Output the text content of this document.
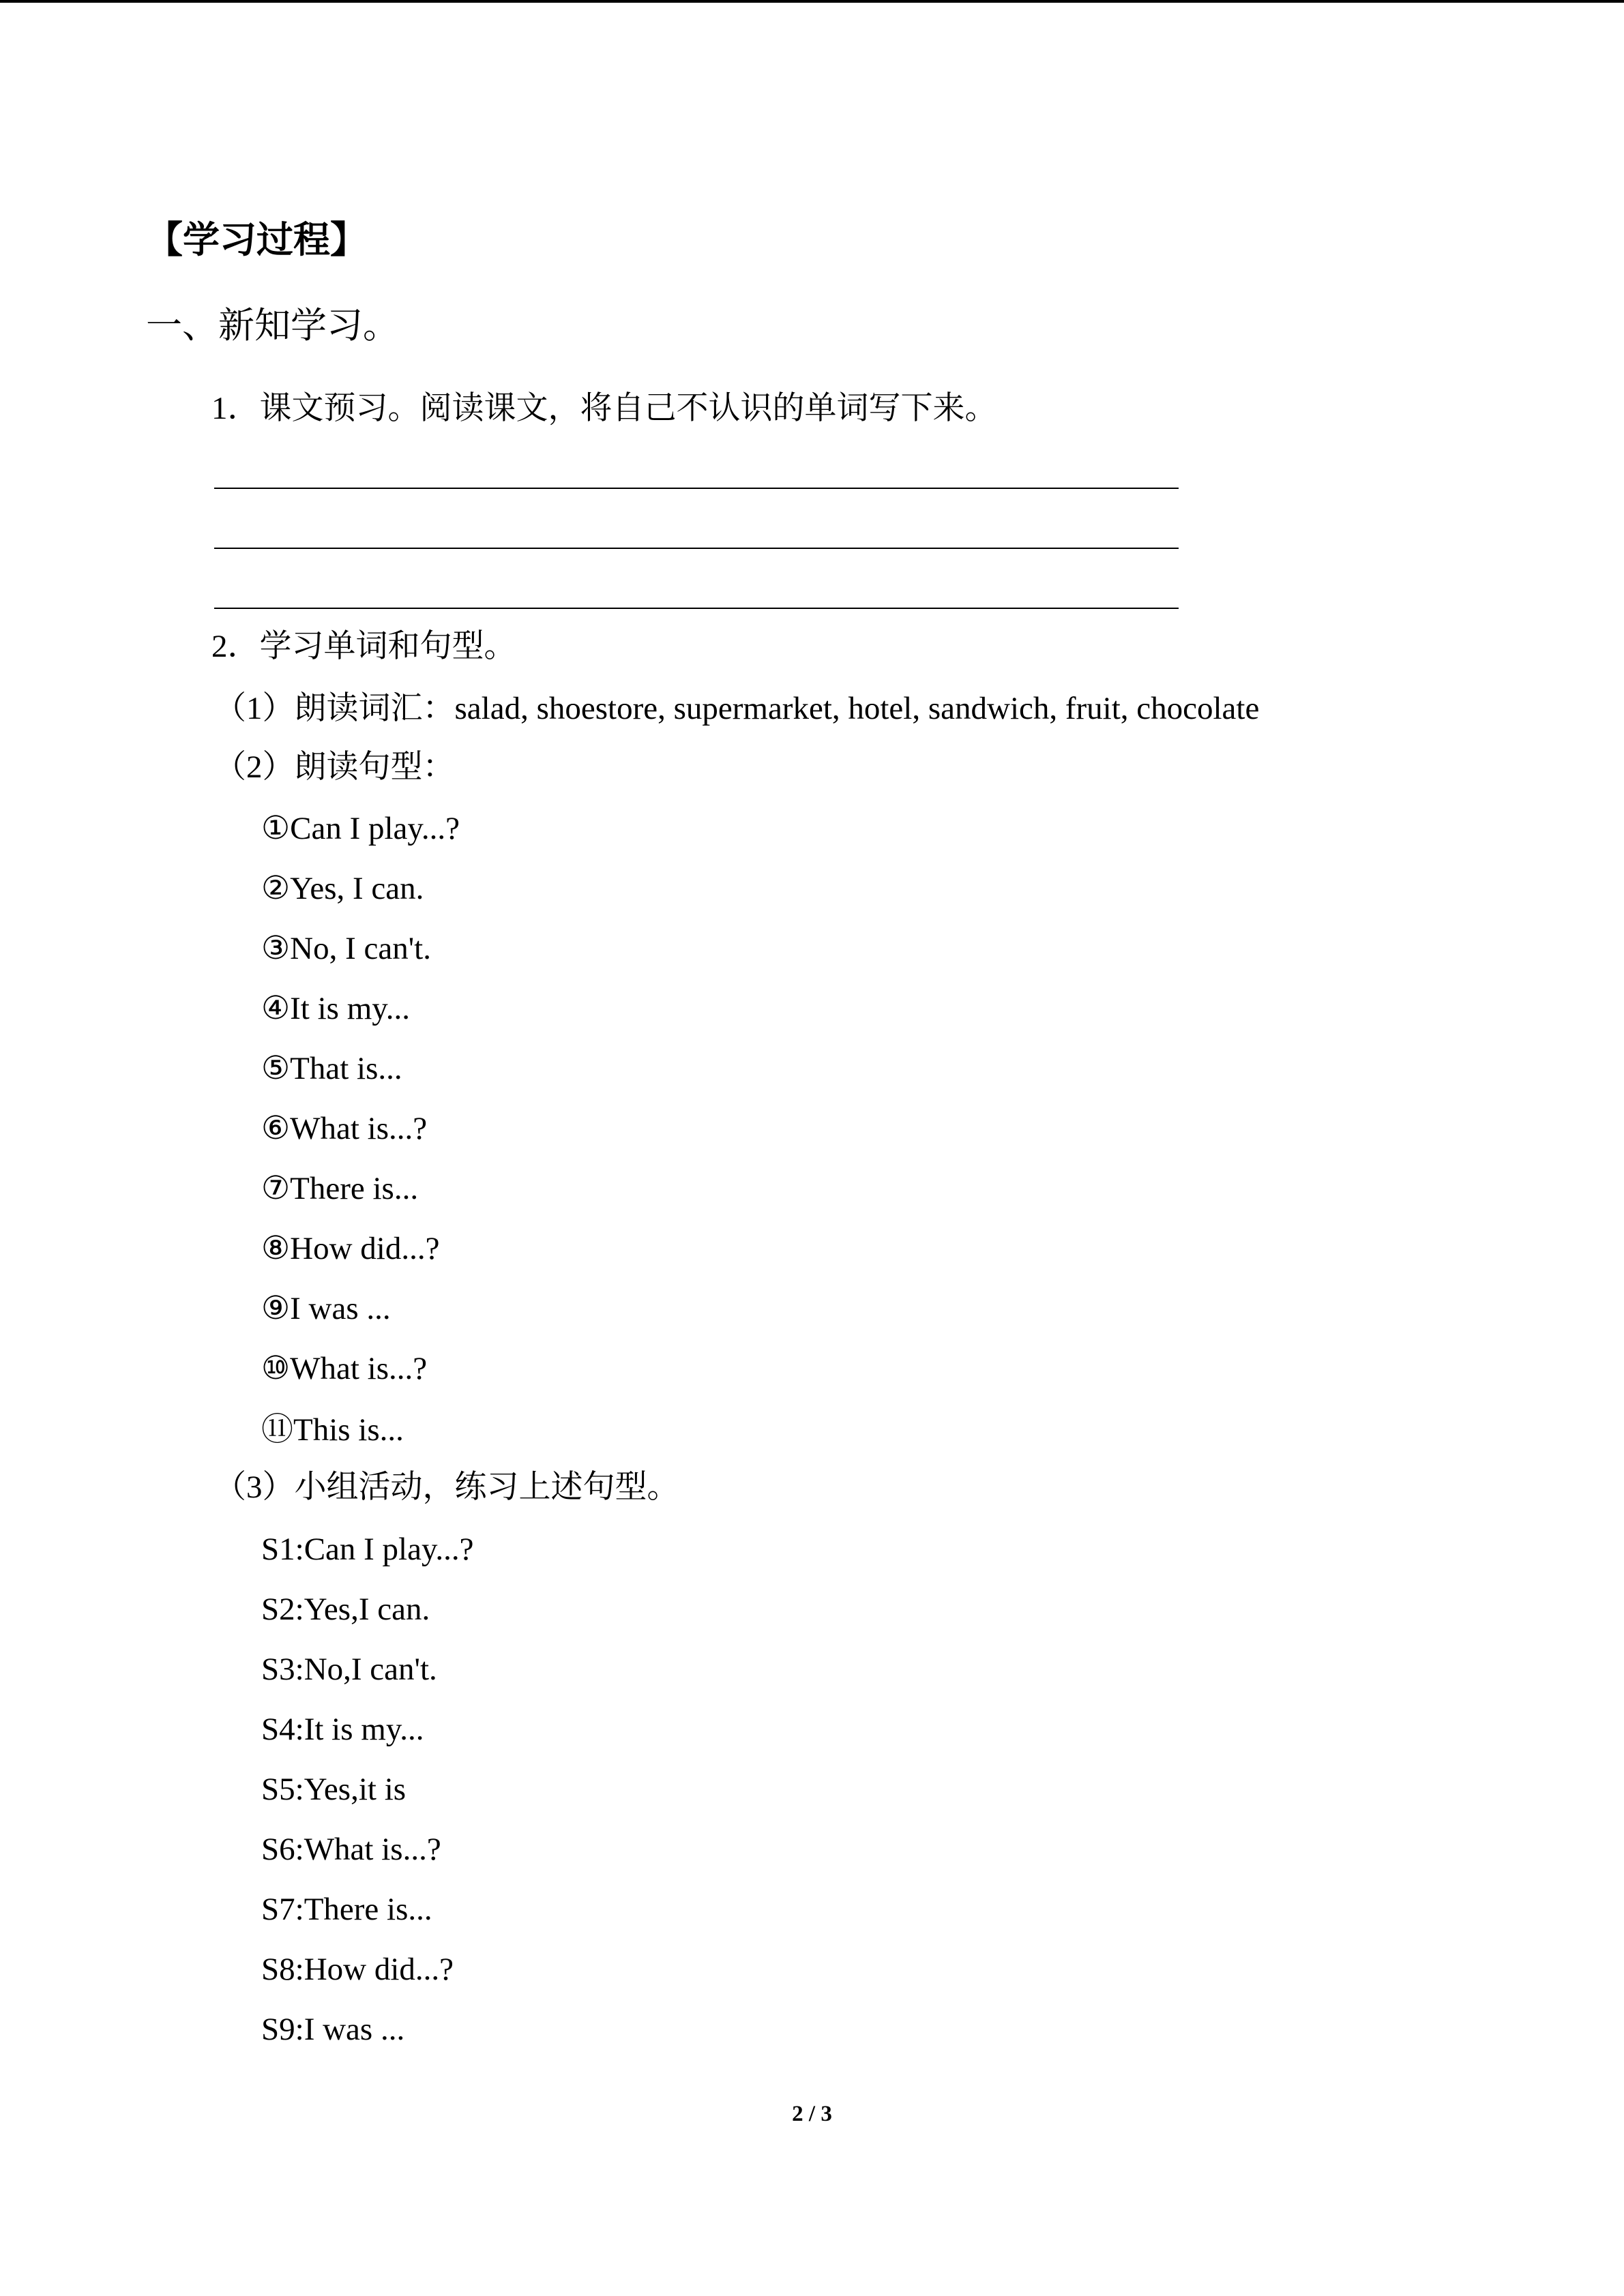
【学习过程】
一、新知学习。
1．课文预习。阅读课文，将自己不认识的单词写下来。
2．学习单词和句型。
（1）朗读词汇：salad, shoestore, supermarket, hotel, sandwich, fruit, chocolate
（2）朗读句型：
①Can I play...?
②Yes, I can.
③No, I can't.
④It is my...
⑤That is...
⑥What is...?
⑦There is...
⑧How did...?
⑨I was ...
⑩What is...?
⑪This is...
（3）小组活动，练习上述句型。
S1:Can I play...?
S2:Yes,I can.
S3:No,I can't.
S4:It is my...
S5:Yes,it is
S6:What is...?
S7:There is...
S8:How did...?
S9:I was ...
2 / 3
